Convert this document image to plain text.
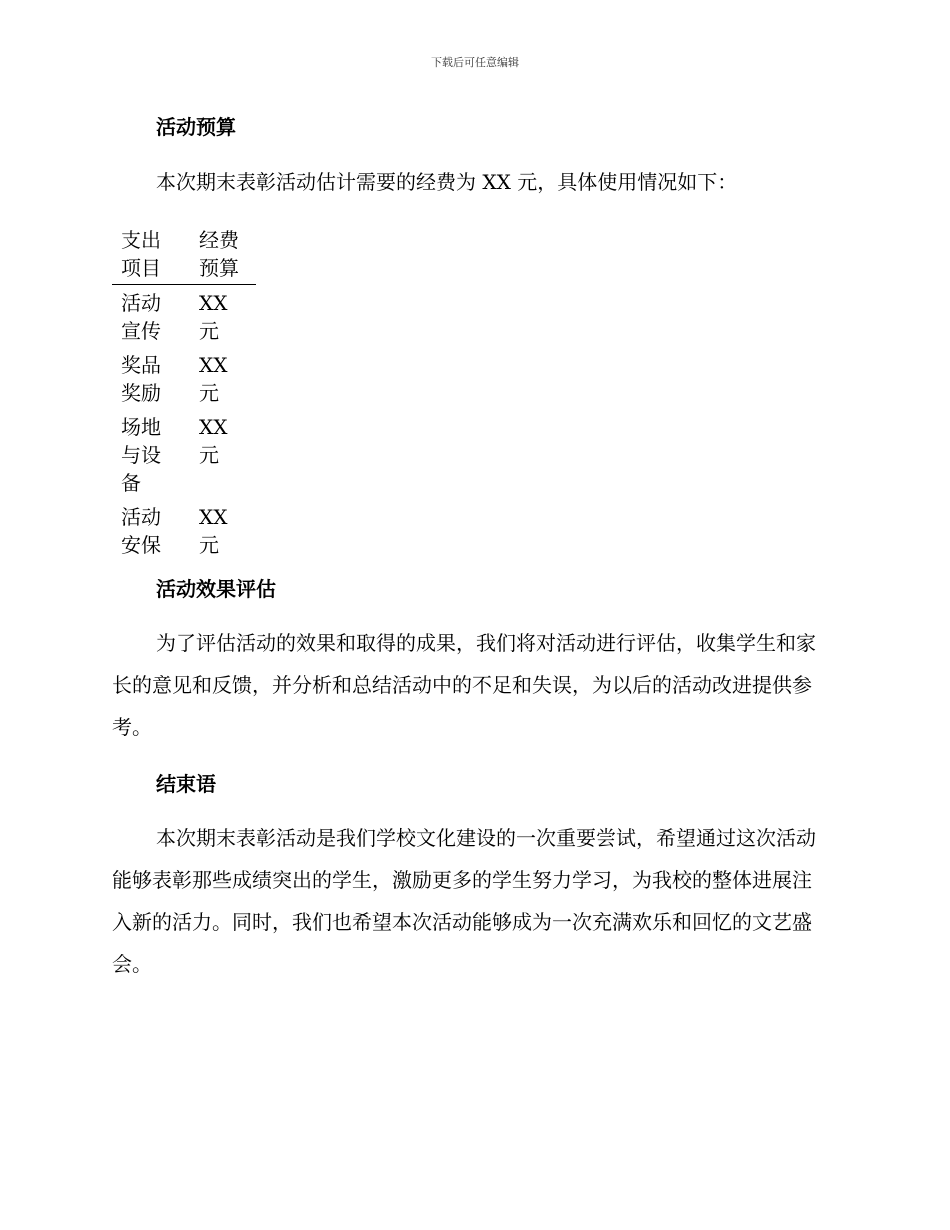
下载后可任意编辑
活动预算

本次期末表彰活动估计需要的经费为 XX 元，具体使用情况如下：

支出项目
经费预算
活动宣传
XX 元
奖品奖励
XX 元
场地与设备
XX 元
活动安保
XX 元
活动效果评估

为了评估活动的效果和取得的成果，我们将对活动进行评估，收集学生和家长的意见和反馈，并分析和总结活动中的不足和失误，为以后的活动改进提供参考。

结束语

本次期末表彰活动是我们学校文化建设的一次重要尝试，希望通过这次活动能够表彰那些成绩突出的学生，激励更多的学生努力学习，为我校的整体进展注入新的活力。同时，我们也希望本次活动能够成为一次充满欢乐和回忆的文艺盛会。
